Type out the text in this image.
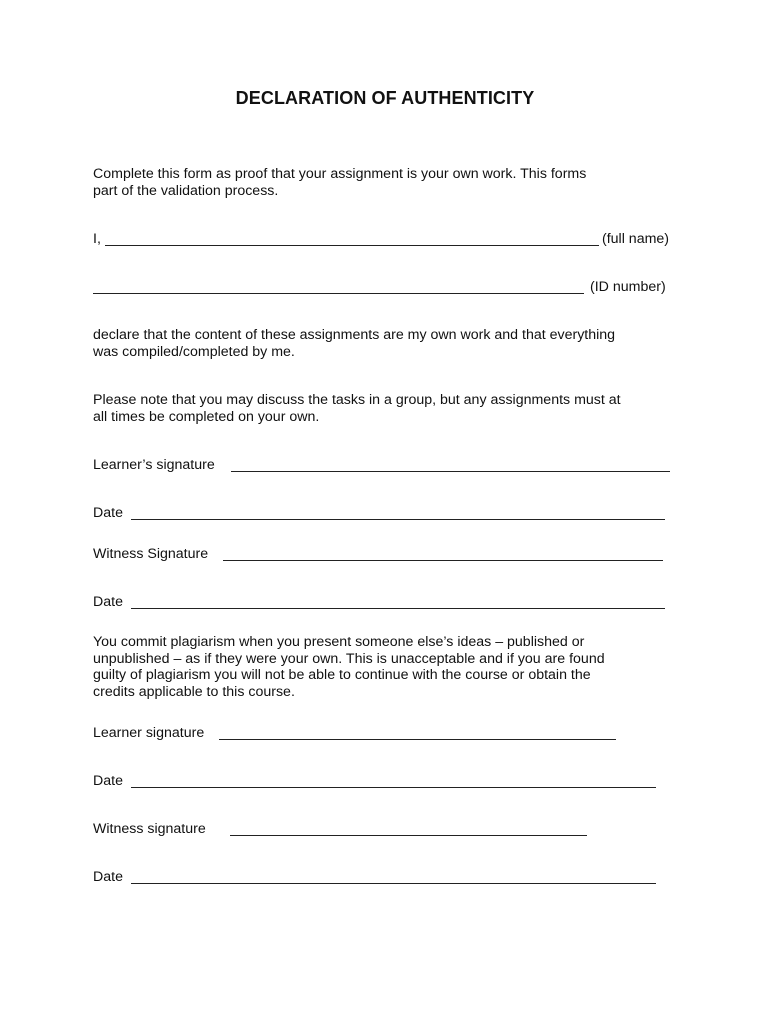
DECLARATION OF AUTHENTICITY
Complete this form as proof that your assignment is your own work. This forms
part of the validation process.
I,	(full name)
(ID number)
declare that the content of these assignments are my own work and that everything
was compiled/completed by me.
Please note that you may discuss the tasks in a group, but any assignments must at
all times be completed on your own.
Learner’s signature
Date
Witness Signature
Date
You commit plagiarism when you present someone else’s ideas – published or
unpublished – as if they were your own. This is unacceptable and if you are found
guilty of plagiarism you will not be able to continue with the course or obtain the
credits applicable to this course.
Learner signature
Date
Witness signature
Date
